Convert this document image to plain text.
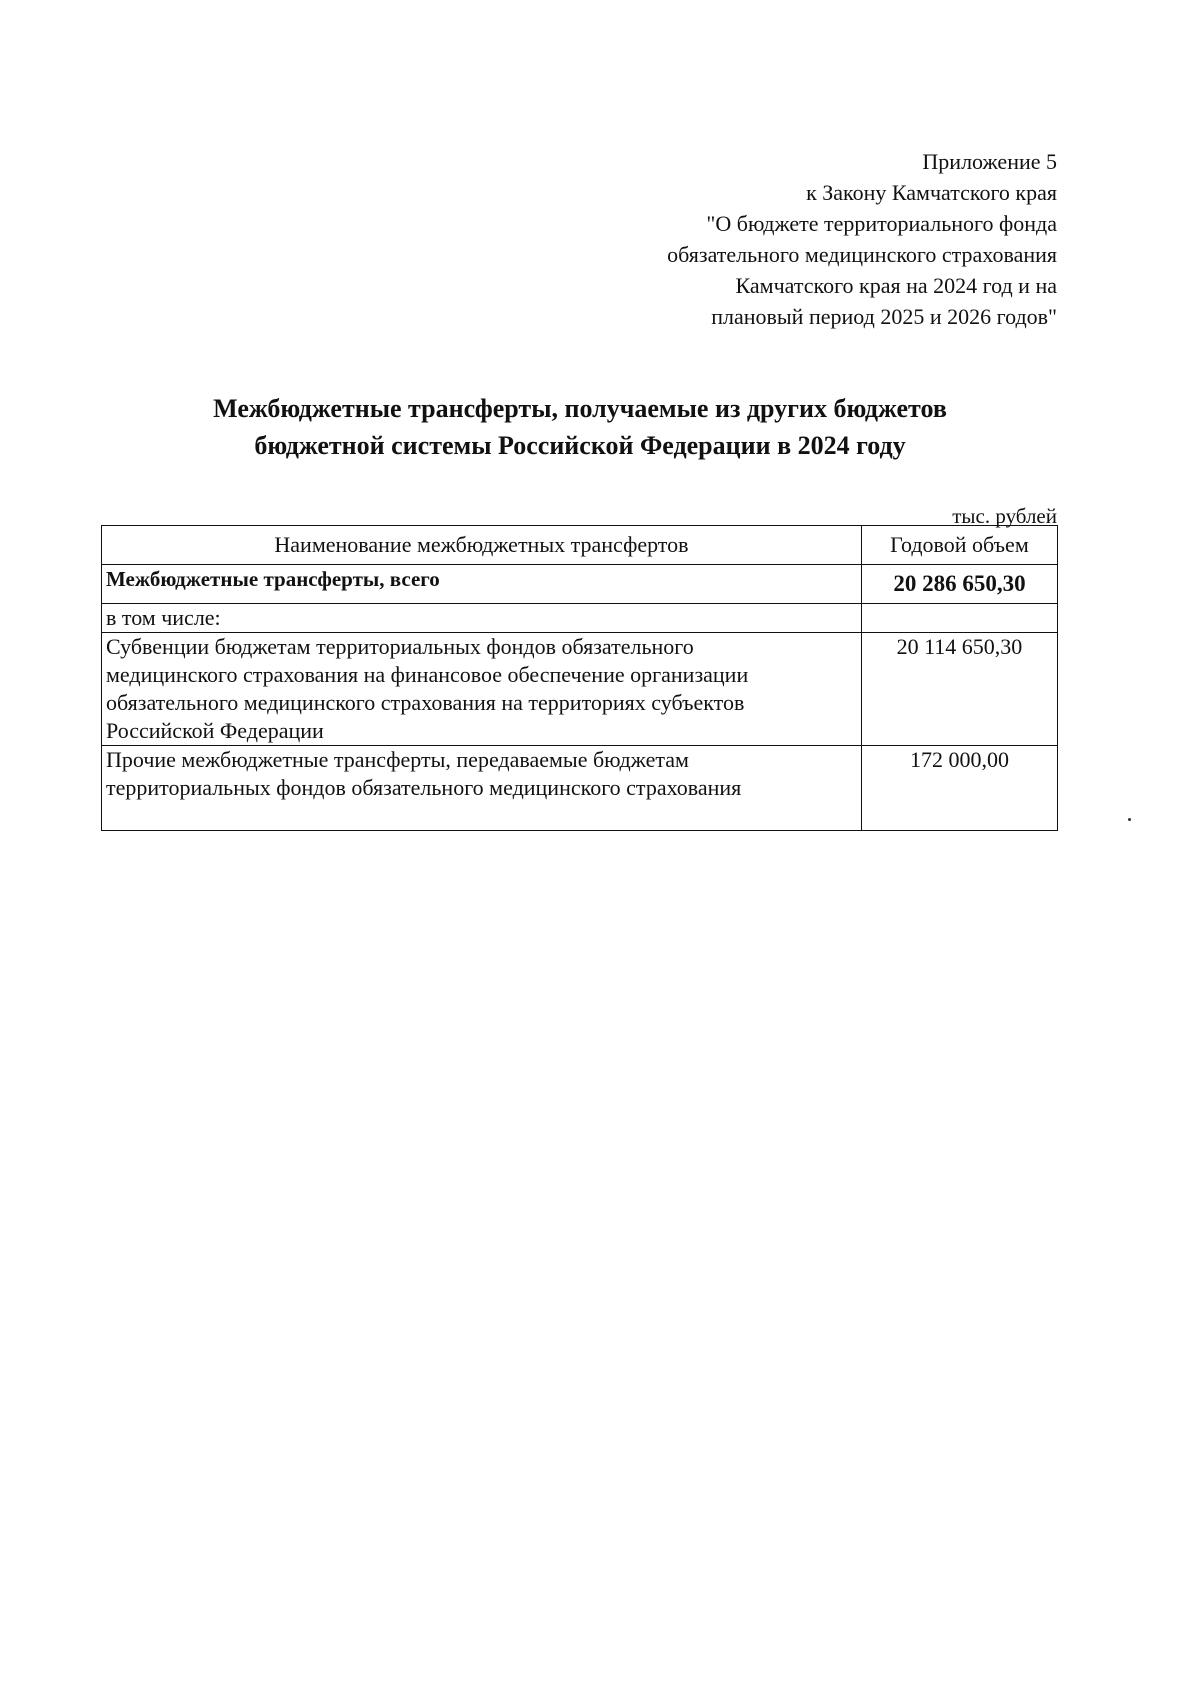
Приложение 5
к Закону Камчатского края
"О бюджете территориального фонда
обязательного медицинского страхования
Камчатского края на 2024 год и на
плановый период 2025 и 2026 годов"
Межбюджетные трансферты, получаемые из других бюджетов
бюджетной системы Российской Федерации в 2024 году
тыс. рублей
Наименование межбюджетных трансфертов	Годовой объем
Межбюджетные трансферты, всего	20 286 650,30
в том числе:	

Субвенции бюджетам территориальных фондов обязательного
медицинского страхования на финансовое обеспечение организации
обязательного медицинского страхования на территориях субъектов
Российской Федерации	20 114 650,30

Прочие межбюджетные трансферты, передаваемые бюджетам
территориальных фондов обязательного медицинского страхования	172 000,00
